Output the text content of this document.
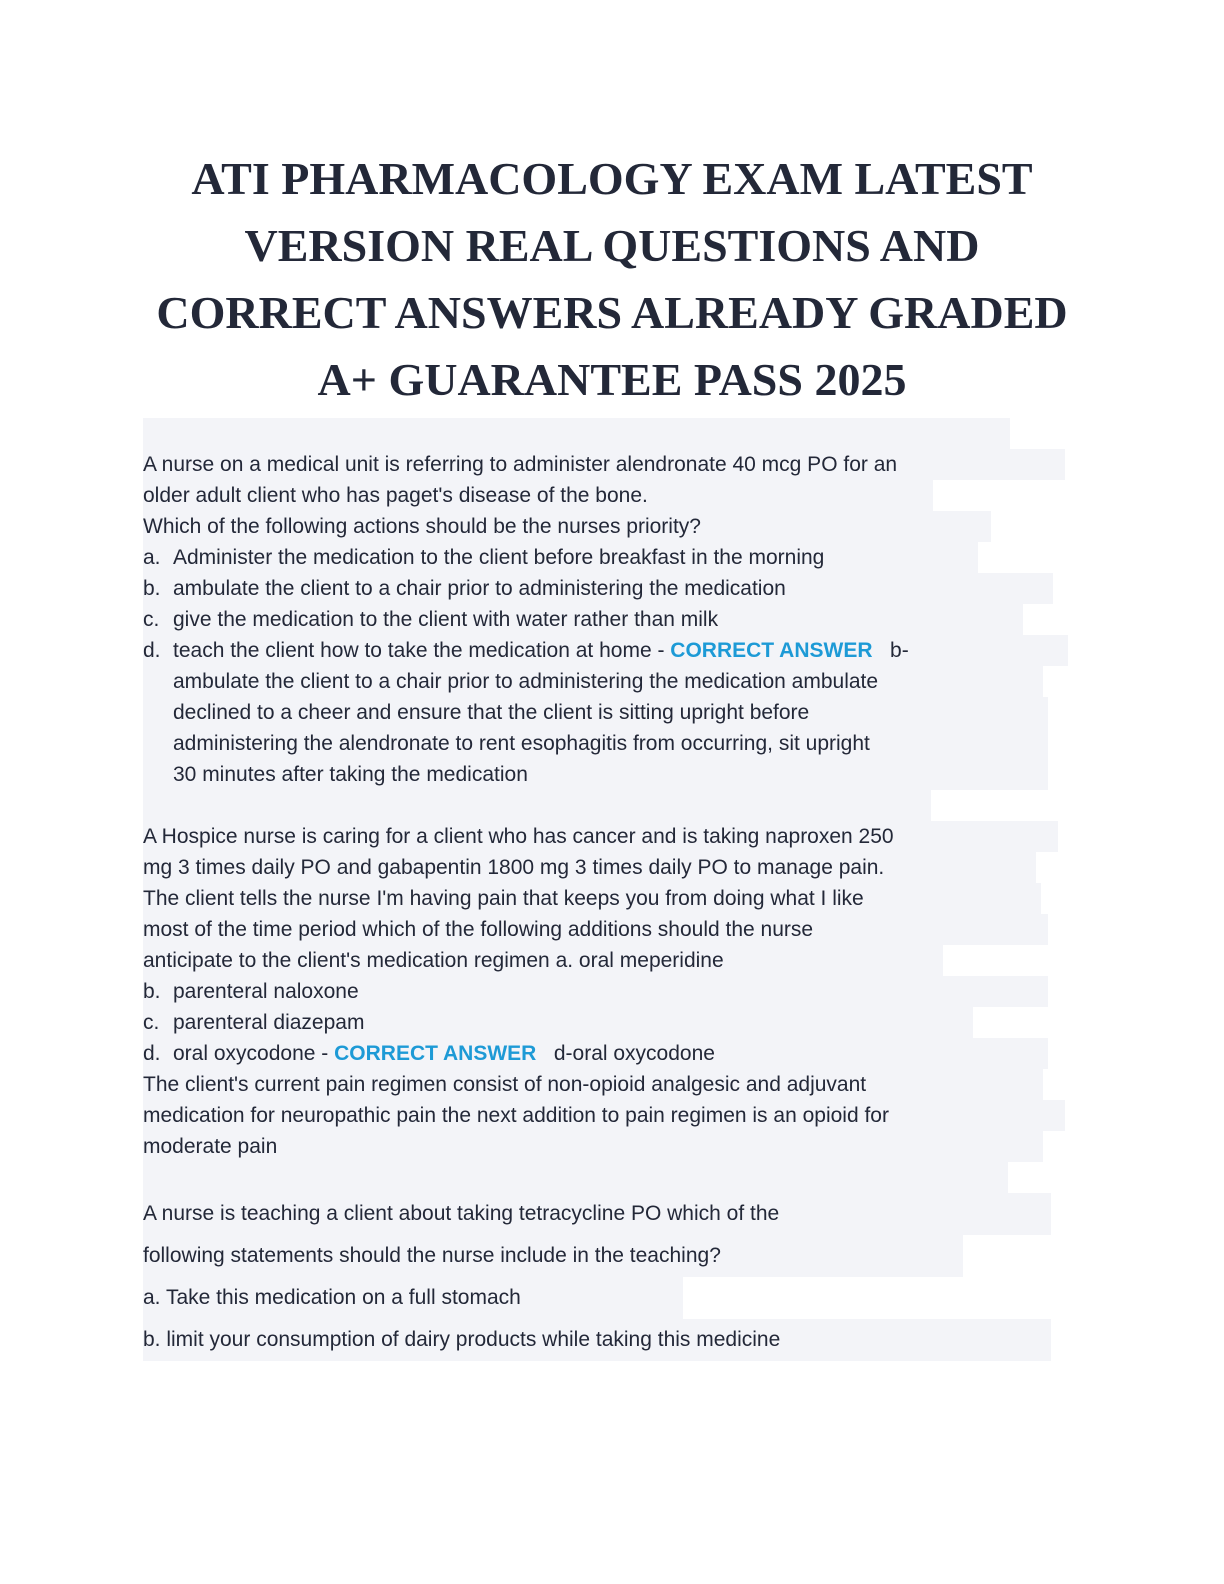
ATI PHARMACOLOGY EXAM LATEST
VERSION REAL QUESTIONS AND
CORRECT ANSWERS ALREADY GRADED
A+ GUARANTEE PASS 2025
A nurse on a medical unit is referring to administer alendronate 40 mcg PO for an
older adult client who has paget's disease of the bone.
Which of the following actions should be the nurses priority?
a. Administer the medication to the client before breakfast in the morning
b. ambulate the client to a chair prior to administering the medication
c. give the medication to the client with water rather than milk
d. teach the client how to take the medication at home - CORRECT ANSWER b-
ambulate the client to a chair prior to administering the medication ambulate
declined to a cheer and ensure that the client is sitting upright before
administering the alendronate to rent esophagitis from occurring, sit upright
30 minutes after taking the medication
A Hospice nurse is caring for a client who has cancer and is taking naproxen 250
mg 3 times daily PO and gabapentin 1800 mg 3 times daily PO to manage pain.
The client tells the nurse I'm having pain that keeps you from doing what I like
most of the time period which of the following additions should the nurse
anticipate to the client's medication regimen a. oral meperidine
b. parenteral naloxone
c. parenteral diazepam
d. oral oxycodone - CORRECT ANSWER d-oral oxycodone
The client's current pain regimen consist of non-opioid analgesic and adjuvant
medication for neuropathic pain the next addition to pain regimen is an opioid for
moderate pain
A nurse is teaching a client about taking tetracycline PO which of the
following statements should the nurse include in the teaching?
a. Take this medication on a full stomach
b. limit your consumption of dairy products while taking this medicine
